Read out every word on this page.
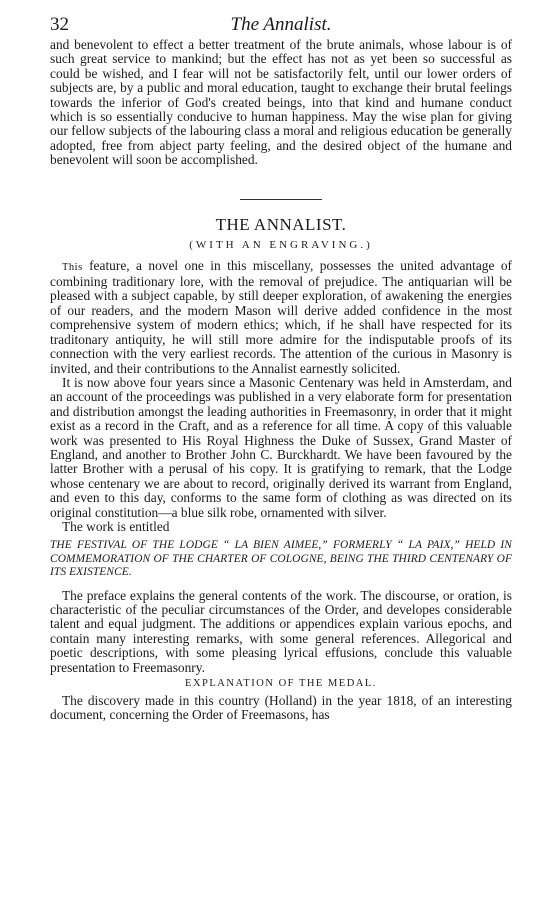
32	The Annalist.

and benevolent to effect a better treatment of the brute animals, whose labour is of such great service to mankind; but the effect has not as yet been so successful as could be wished, and I fear will not be satisfactorily felt, until our lower orders of subjects are, by a public and moral education, taught to exchange their brutal feelings towards the inferior of God's created beings, into that kind and humane conduct which is so essentially conducive to human happiness. May the wise plan for giving our fellow subjects of the labouring class a moral and religious education be generally adopted, free from abject party feeling, and the desired object of the humane and benevolent will soon be accomplished.

THE ANNALIST.
(WITH AN ENGRAVING.)

This feature, a novel one in this miscellany, possesses the united advantage of combining traditionary lore, with the removal of prejudice. The antiquarian will be pleased with a subject capable, by still deeper exploration, of awakening the energies of our readers, and the modern Mason will derive added confidence in the most comprehensive system of modern ethics; which, if he shall have respected for its traditonary antiquity, he will still more admire for the indisputable proofs of its connection with the very earliest records. The attention of the curious in Masonry is invited, and their contributions to the Annalist earnestly solicited.

It is now above four years since a Masonic Centenary was held in Amsterdam, and an account of the proceedings was published in a very elaborate form for presentation and distribution amongst the leading authorities in Freemasonry, in order that it might exist as a record in the Craft, and as a reference for all time. A copy of this valuable work was presented to His Royal Highness the Duke of Sussex, Grand Master of England, and another to Brother John C. Burckhardt. We have been favoured by the latter Brother with a perusal of his copy. It is gratifying to remark, that the Lodge whose centenary we are about to record, originally derived its warrant from England, and even to this day, conforms to the same form of clothing as was directed on its original constitution—a blue silk robe, ornamented with silver.

The work is entitled

THE FESTIVAL OF THE LODGE “ LA BIEN AIMEE,” FORMERLY “ LA PAIX,” HELD IN COMMEMORATION OF THE CHARTER OF COLOGNE, BEING THE THIRD CENTENARY OF ITS EXISTENCE.

The preface explains the general contents of the work. The discourse, or oration, is characteristic of the peculiar circumstances of the Order, and developes considerable talent and equal judgment. The additions or appendices explain various epochs, and contain many interesting remarks, with some general references. Allegorical and poetic descriptions, with some pleasing lyrical effusions, conclude this valuable presentation to Freemasonry.

EXPLANATION OF THE MEDAL.

The discovery made in this country (Holland) in the year 1818, of an interesting document, concerning the Order of Freemasons, has
